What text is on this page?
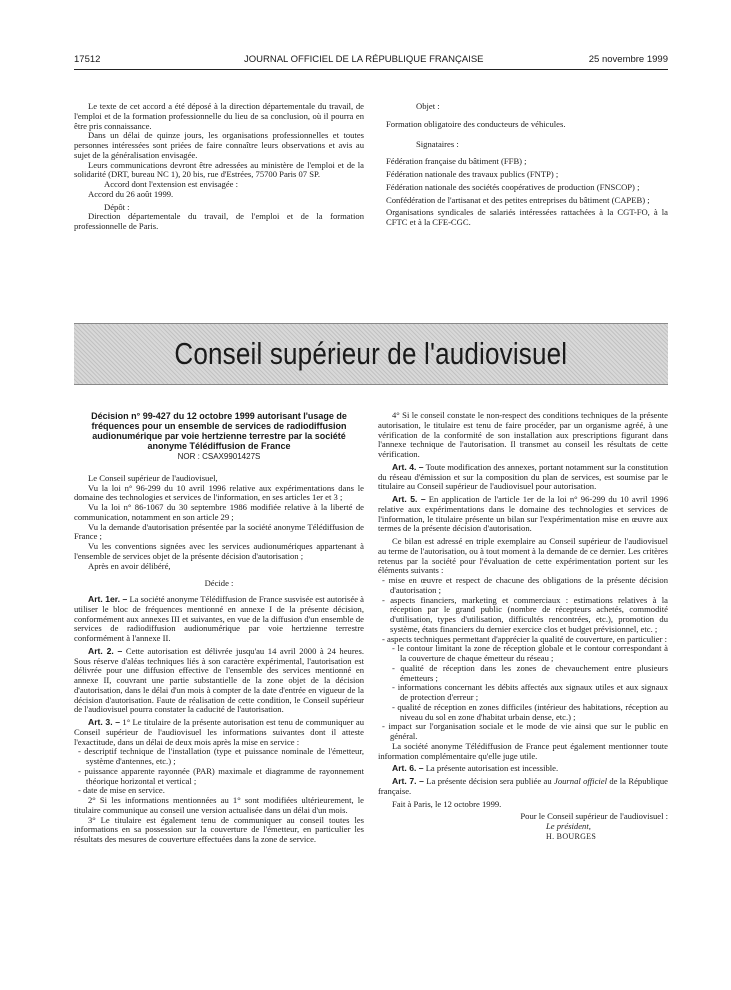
17512	JOURNAL OFFICIEL DE LA RÉPUBLIQUE FRANÇAISE	25 novembre 1999

Le texte de cet accord a été déposé à la direction départementale du travail, de l'emploi et de la formation professionnelle du lieu de sa conclusion, où il pourra en être pris connaissance.

Dans un délai de quinze jours, les organisations professionnelles et toutes personnes intéressées sont priées de faire connaître leurs observations et avis au sujet de la généralisation envisagée.

Leurs communications devront être adressées au ministère de l'emploi et de la solidarité (DRT, bureau NC 1), 20 bis, rue d'Estrées, 75700 Paris 07 SP.

Accord dont l'extension est envisagée :

Accord du 26 août 1999.

Dépôt :

Direction départementale du travail, de l'emploi et de la formation professionnelle de Paris.

Objet :

Formation obligatoire des conducteurs de véhicules.

Signataires :

Fédération française du bâtiment (FFB) ;

Fédération nationale des travaux publics (FNTP) ;

Fédération nationale des sociétés coopératives de production (FNSCOP) ;

Confédération de l'artisanat et des petites entreprises du bâtiment (CAPEB) ;

Organisations syndicales de salariés intéressées rattachées à la CGT-FO, à la CFTC et à la CFE-CGC.

Conseil supérieur de l'audiovisuel

Décision n° 99-427 du 12 octobre 1999 autorisant l'usage de fréquences pour un ensemble de services de radiodiffusion audionumérique par voie hertzienne terrestre par la société anonyme Télédiffusion de France

NOR : CSAX9901427S

Le Conseil supérieur de l'audiovisuel,

Vu la loi n° 96-299 du 10 avril 1996 relative aux expérimentations dans le domaine des technologies et services de l'information, en ses articles 1er et 3 ;

Vu la loi n° 86-1067 du 30 septembre 1986 modifiée relative à la liberté de communication, notamment en son article 29 ;

Vu la demande d'autorisation présentée par la société anonyme Télédiffusion de France ;

Vu les conventions signées avec les services audionumériques appartenant à l'ensemble de services objet de la présente décision d'autorisation ;

Après en avoir délibéré,

Décide :

Art. 1er. – La société anonyme Télédiffusion de France susvisée est autorisée à utiliser le bloc de fréquences mentionné en annexe I de la présente décision, conformément aux annexes III et suivantes, en vue de la diffusion d'un ensemble de services de radiodiffusion audionumérique par voie hertzienne terrestre conformément à l'annexe II.

Art. 2. – Cette autorisation est délivrée jusqu'au 14 avril 2000 à 24 heures. Sous réserve d'aléas techniques liés à son caractère expérimental, l'autorisation est délivrée pour une diffusion effective de l'ensemble des services mentionné en annexe II, couvrant une partie substantielle de la zone objet de la décision d'autorisation, dans le délai d'un mois à compter de la date d'entrée en vigueur de la décision d'autorisation. Faute de réalisation de cette condition, le Conseil supérieur de l'audiovisuel pourra constater la caducité de l'autorisation.

Art. 3. – 1° Le titulaire de la présente autorisation est tenu de communiquer au Conseil supérieur de l'audiovisuel les informations suivantes dont il atteste l'exactitude, dans un délai de deux mois après la mise en service :

- descriptif technique de l'installation (type et puissance nominale de l'émetteur, système d'antennes, etc.) ;

- puissance apparente rayonnée (PAR) maximale et diagramme de rayonnement théorique horizontal et vertical ;

- date de mise en service.

2° Si les informations mentionnées au 1° sont modifiées ultérieurement, le titulaire communique au conseil une version actualisée dans un délai d'un mois.

3° Le titulaire est également tenu de communiquer au conseil toutes les informations en sa possession sur la couverture de l'émetteur, en particulier les résultats des mesures de couverture effectuées dans la zone de service.

4° Si le conseil constate le non-respect des conditions techniques de la présente autorisation, le titulaire est tenu de faire procéder, par un organisme agréé, à une vérification de la conformité de son installation aux prescriptions figurant dans l'annexe technique de l'autorisation. Il transmet au conseil les résultats de cette vérification.

Art. 4. – Toute modification des annexes, portant notamment sur la constitution du réseau d'émission et sur la composition du plan de services, est soumise par le titulaire au Conseil supérieur de l'audiovisuel pour autorisation.

Art. 5. – En application de l'article 1er de la loi n° 96-299 du 10 avril 1996 relative aux expérimentations dans le domaine des technologies et services de l'information, le titulaire présente un bilan sur l'expérimentation mise en œuvre aux termes de la présente décision d'autorisation.

Ce bilan est adressé en triple exemplaire au Conseil supérieur de l'audiovisuel au terme de l'autorisation, ou à tout moment à la demande de ce dernier. Les critères retenus par la société pour l'évaluation de cette expérimentation portent sur les éléments suivants :

- mise en œuvre et respect de chacune des obligations de la présente décision d'autorisation ;

- aspects financiers, marketing et commerciaux : estimations relatives à la réception par le grand public (nombre de récepteurs achetés, commodité d'utilisation, types d'utilisation, difficultés rencontrées, etc.), promotion du système, états financiers du dernier exercice clos et budget prévisionnel, etc. ;

- aspects techniques permettant d'apprécier la qualité de couverture, en particulier :

- le contour limitant la zone de réception globale et le contour correspondant à la couverture de chaque émetteur du réseau ;

- qualité de réception dans les zones de chevauchement entre plusieurs émetteurs ;

- informations concernant les débits affectés aux signaux utiles et aux signaux de protection d'erreur ;

- qualité de réception en zones difficiles (intérieur des habitations, réception au niveau du sol en zone d'habitat urbain dense, etc.) ;

- impact sur l'organisation sociale et le mode de vie ainsi que sur le public en général.

La société anonyme Télédiffusion de France peut également mentionner toute information complémentaire qu'elle juge utile.

Art. 6. – La présente autorisation est incessible.

Art. 7. – La présente décision sera publiée au Journal officiel de la République française.

Fait à Paris, le 12 octobre 1999.

Pour le Conseil supérieur de l'audiovisuel :

Le président,

H. BOURGES
